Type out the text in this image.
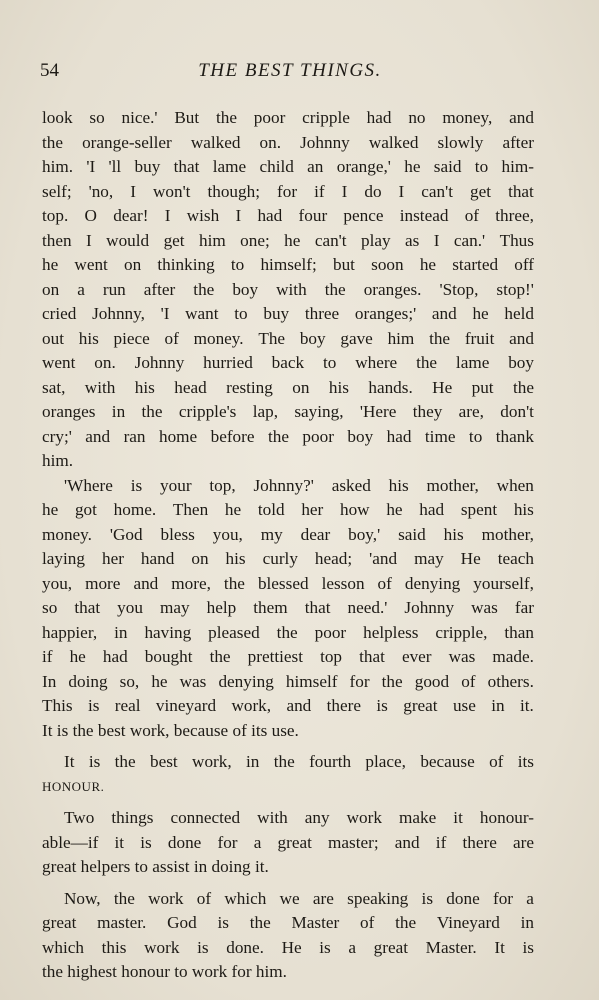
54	THE BEST THINGS.
look so nice.' But the poor cripple had no money, and
the orange-seller walked on. Johnny walked slowly after
him. 'I 'll buy that lame child an orange,' he said to him-
self; 'no, I won't though; for if I do I can't get that
top. O dear! I wish I had four pence instead of three,
then I would get him one; he can't play as I can.' Thus
he went on thinking to himself; but soon he started off
on a run after the boy with the oranges. 'Stop, stop!'
cried Johnny, 'I want to buy three oranges;' and he held
out his piece of money. The boy gave him the fruit and
went on. Johnny hurried back to where the lame boy
sat, with his head resting on his hands. He put the
oranges in the cripple's lap, saying, 'Here they are, don't
cry;' and ran home before the poor boy had time to thank
him.
'Where is your top, Johnny?' asked his mother, when
he got home. Then he told her how he had spent his
money. 'God bless you, my dear boy,' said his mother,
laying her hand on his curly head; 'and may He teach
you, more and more, the blessed lesson of denying yourself,
so that you may help them that need.' Johnny was far
happier, in having pleased the poor helpless cripple, than
if he had bought the prettiest top that ever was made.
In doing so, he was denying himself for the good of others.
This is real vineyard work, and there is great use in it.
It is the best work, because of its use.
It is the best work, in the fourth place, because of its
HONOUR.
Two things connected with any work make it honour-
able—if it is done for a great master; and if there are
great helpers to assist in doing it.
Now, the work of which we are speaking is done for a
great master. God is the Master of the Vineyard in
which this work is done. He is a great Master. It is
the highest honour to work for him.
